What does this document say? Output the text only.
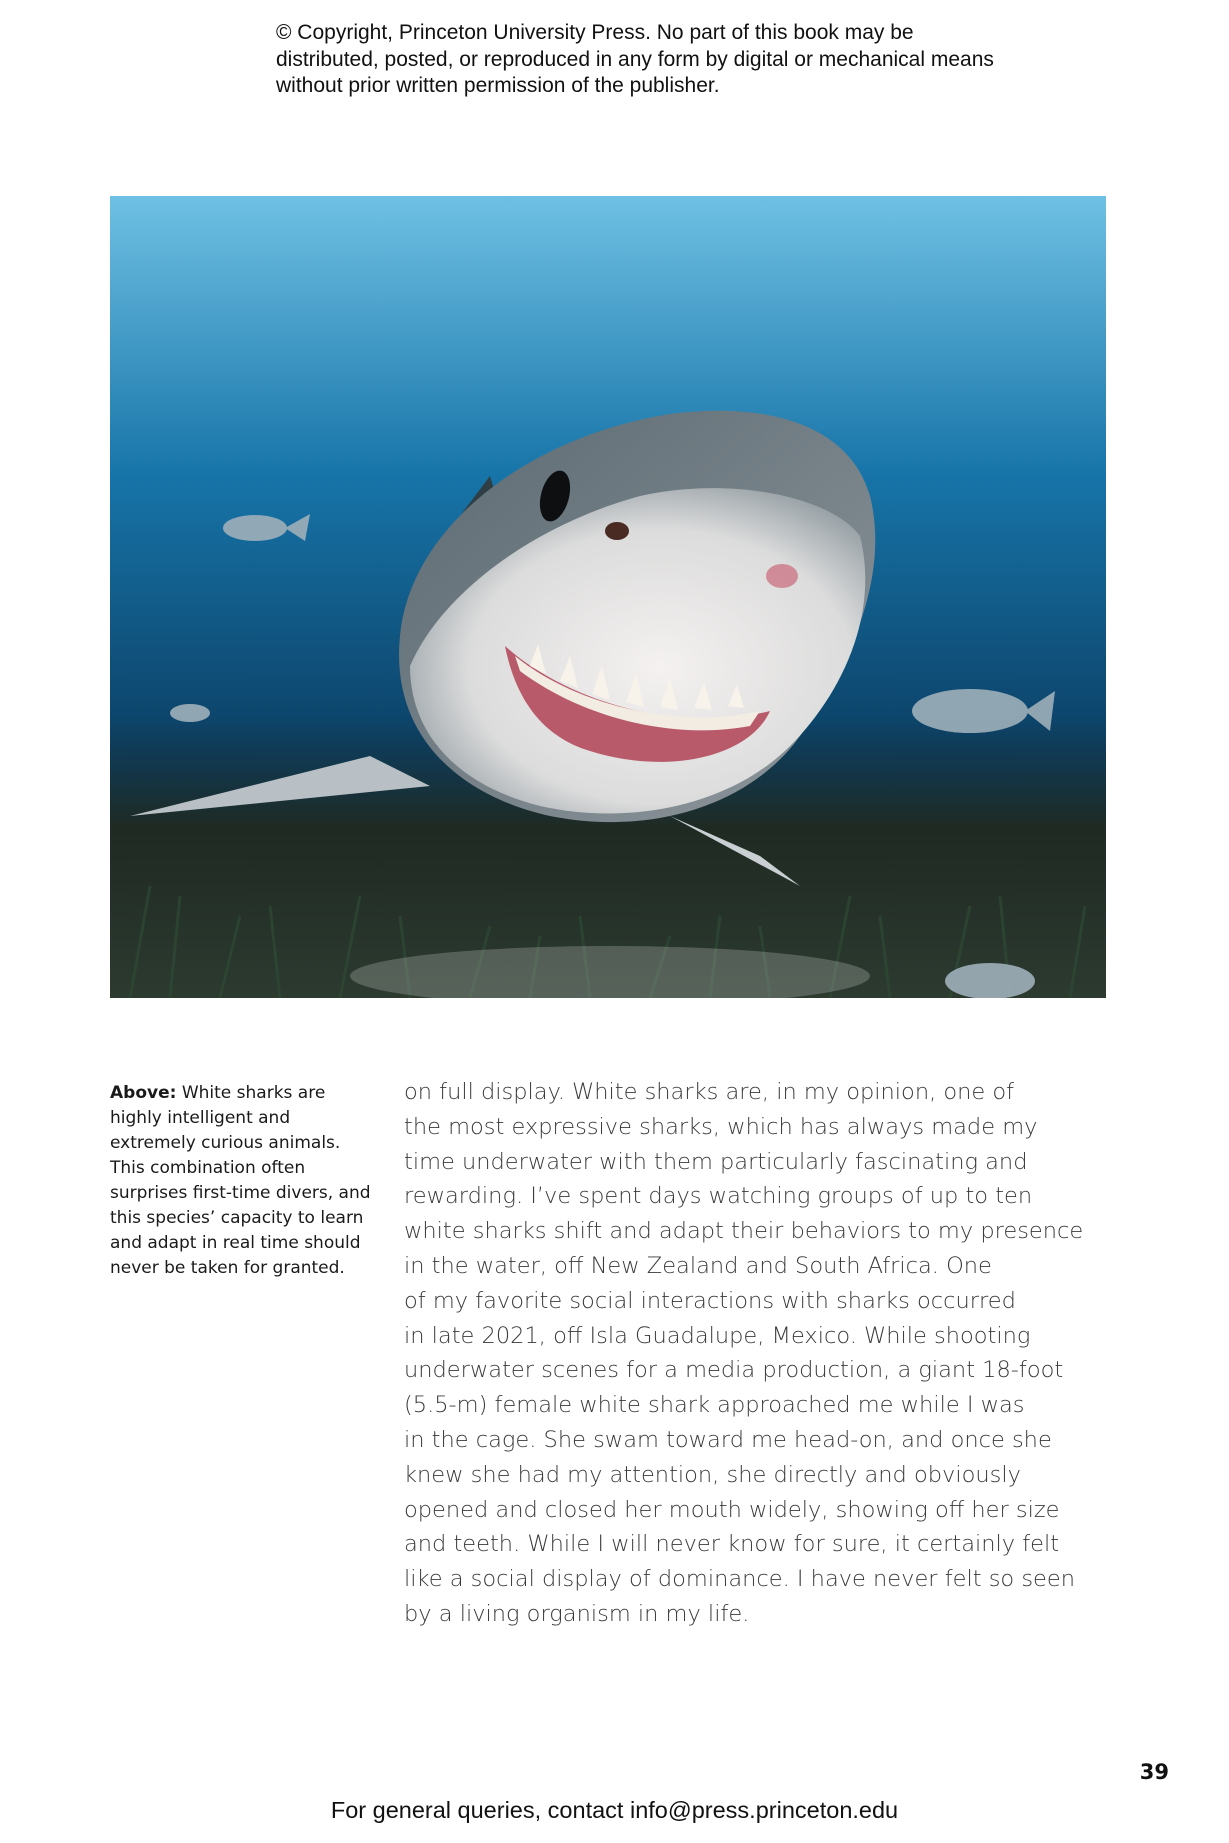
© Copyright, Princeton University Press. No part of this book may be distributed, posted, or reproduced in any form by digital or mechanical means without prior written permission of the publisher.
Above: White sharks are highly intelligent and extremely curious animals. This combination often surprises first-time divers, and this species’ capacity to learn and adapt in real time should never be taken for granted.
on full display. White sharks are, in my opinion, one of
the most expressive sharks, which has always made my
time underwater with them particularly fascinating and
rewarding. I’ve spent days watching groups of up to ten
white sharks shift and adapt their behaviors to my presence
in the water, off New Zealand and South Africa. One
of my favorite social interactions with sharks occurred
in late 2021, off Isla Guadalupe, Mexico. While shooting
underwater scenes for a media production, a giant 18-foot
(5.5-m) female white shark approached me while I was
in the cage. She swam toward me head-on, and once she
knew she had my attention, she directly and obviously
opened and closed her mouth widely, showing off her size
and teeth. While I will never know for sure, it certainly felt
like a social display of dominance. I have never felt so seen
by a living organism in my life.
39
For general queries, contact info@press.princeton.edu
